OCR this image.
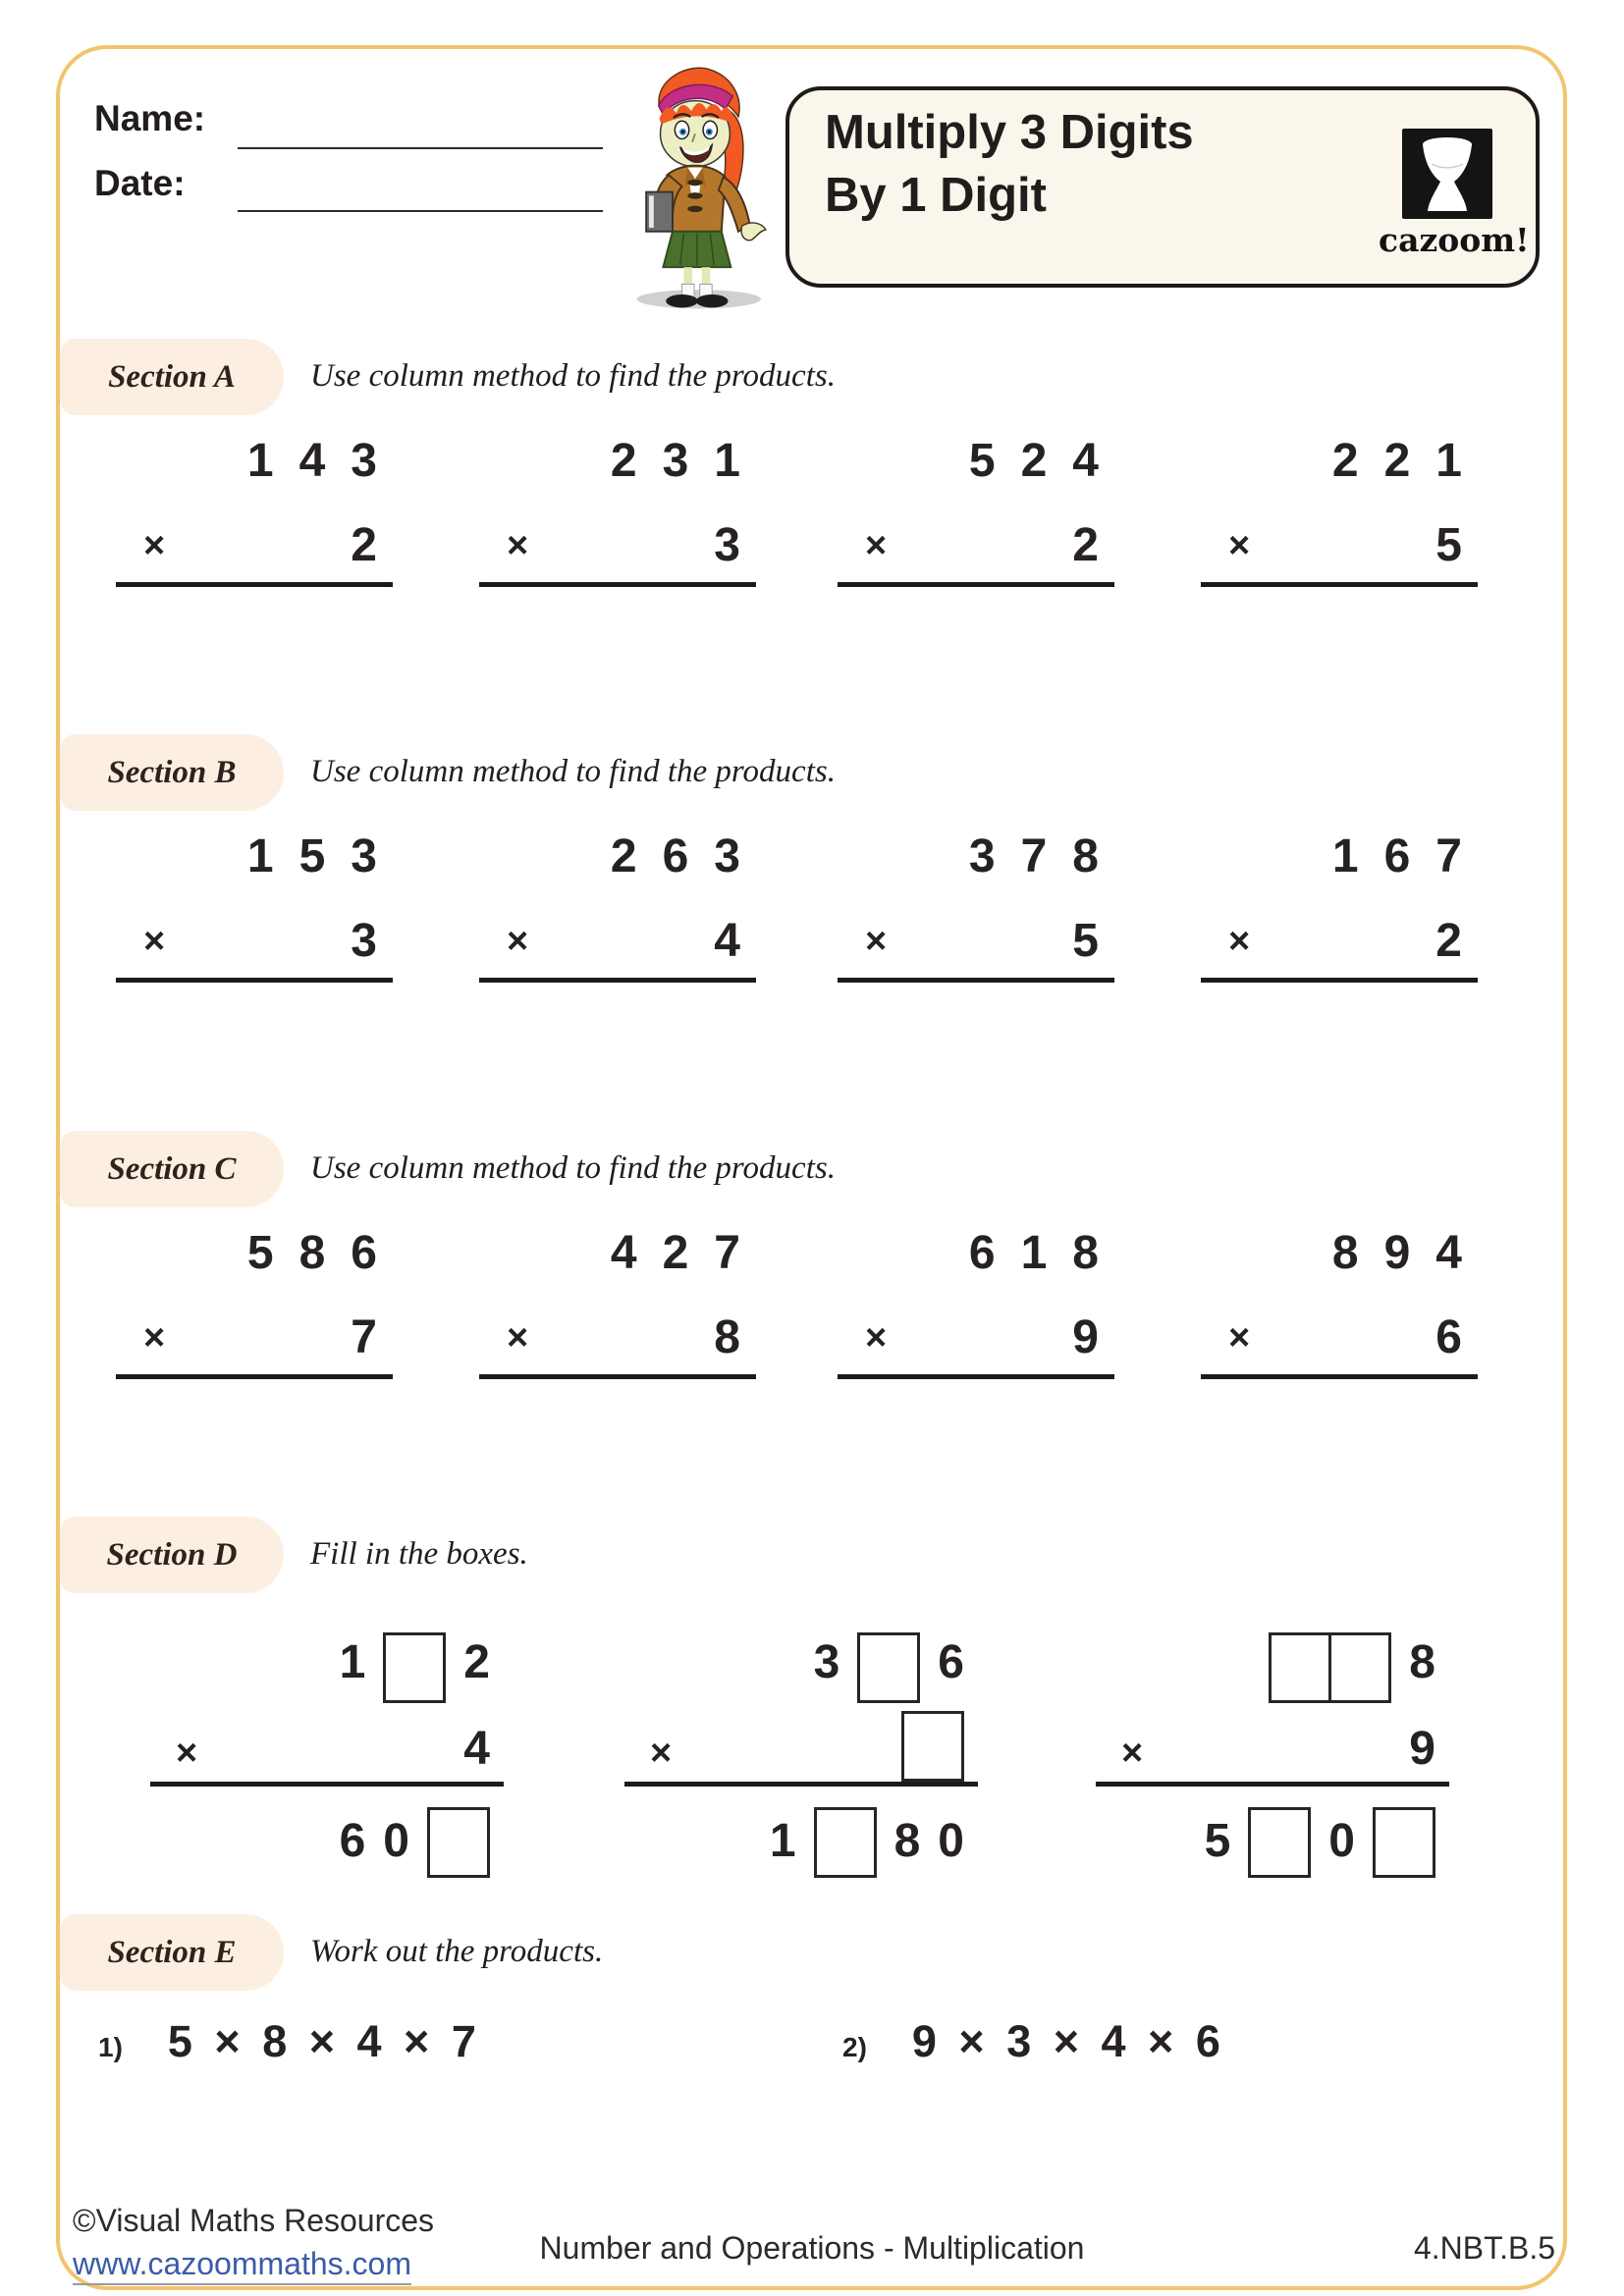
Name:
Date:
Multiply 3 Digits
By 1 Digit
cazoom!
Section A Use column method to find the products.
1 4 3
×	2
2 3 1
×	3
5 2 4
×	2
2 2 1
×	5
Section B Use column method to find the products.
1 5 3
×	3
2 6 3
×	4
3 7 8
×	5
1 6 7
×	2
Section C Use column method to find the products.
5 8 6
×	7
4 2 7
×	8
6 1 8
×	9
8 9 4
×	6
Section D Fill in the boxes.
1 2
×	4
6 0
3 6
×
1 8 0
8
×	9
5 0
Section E Work out the products.
1) 5 × 8 × 4 × 7	2) 9 × 3 × 4 × 6
©Visual Maths Resources
www.cazoommaths.com	Number and Operations - Multiplication	4.NBT.B.5
